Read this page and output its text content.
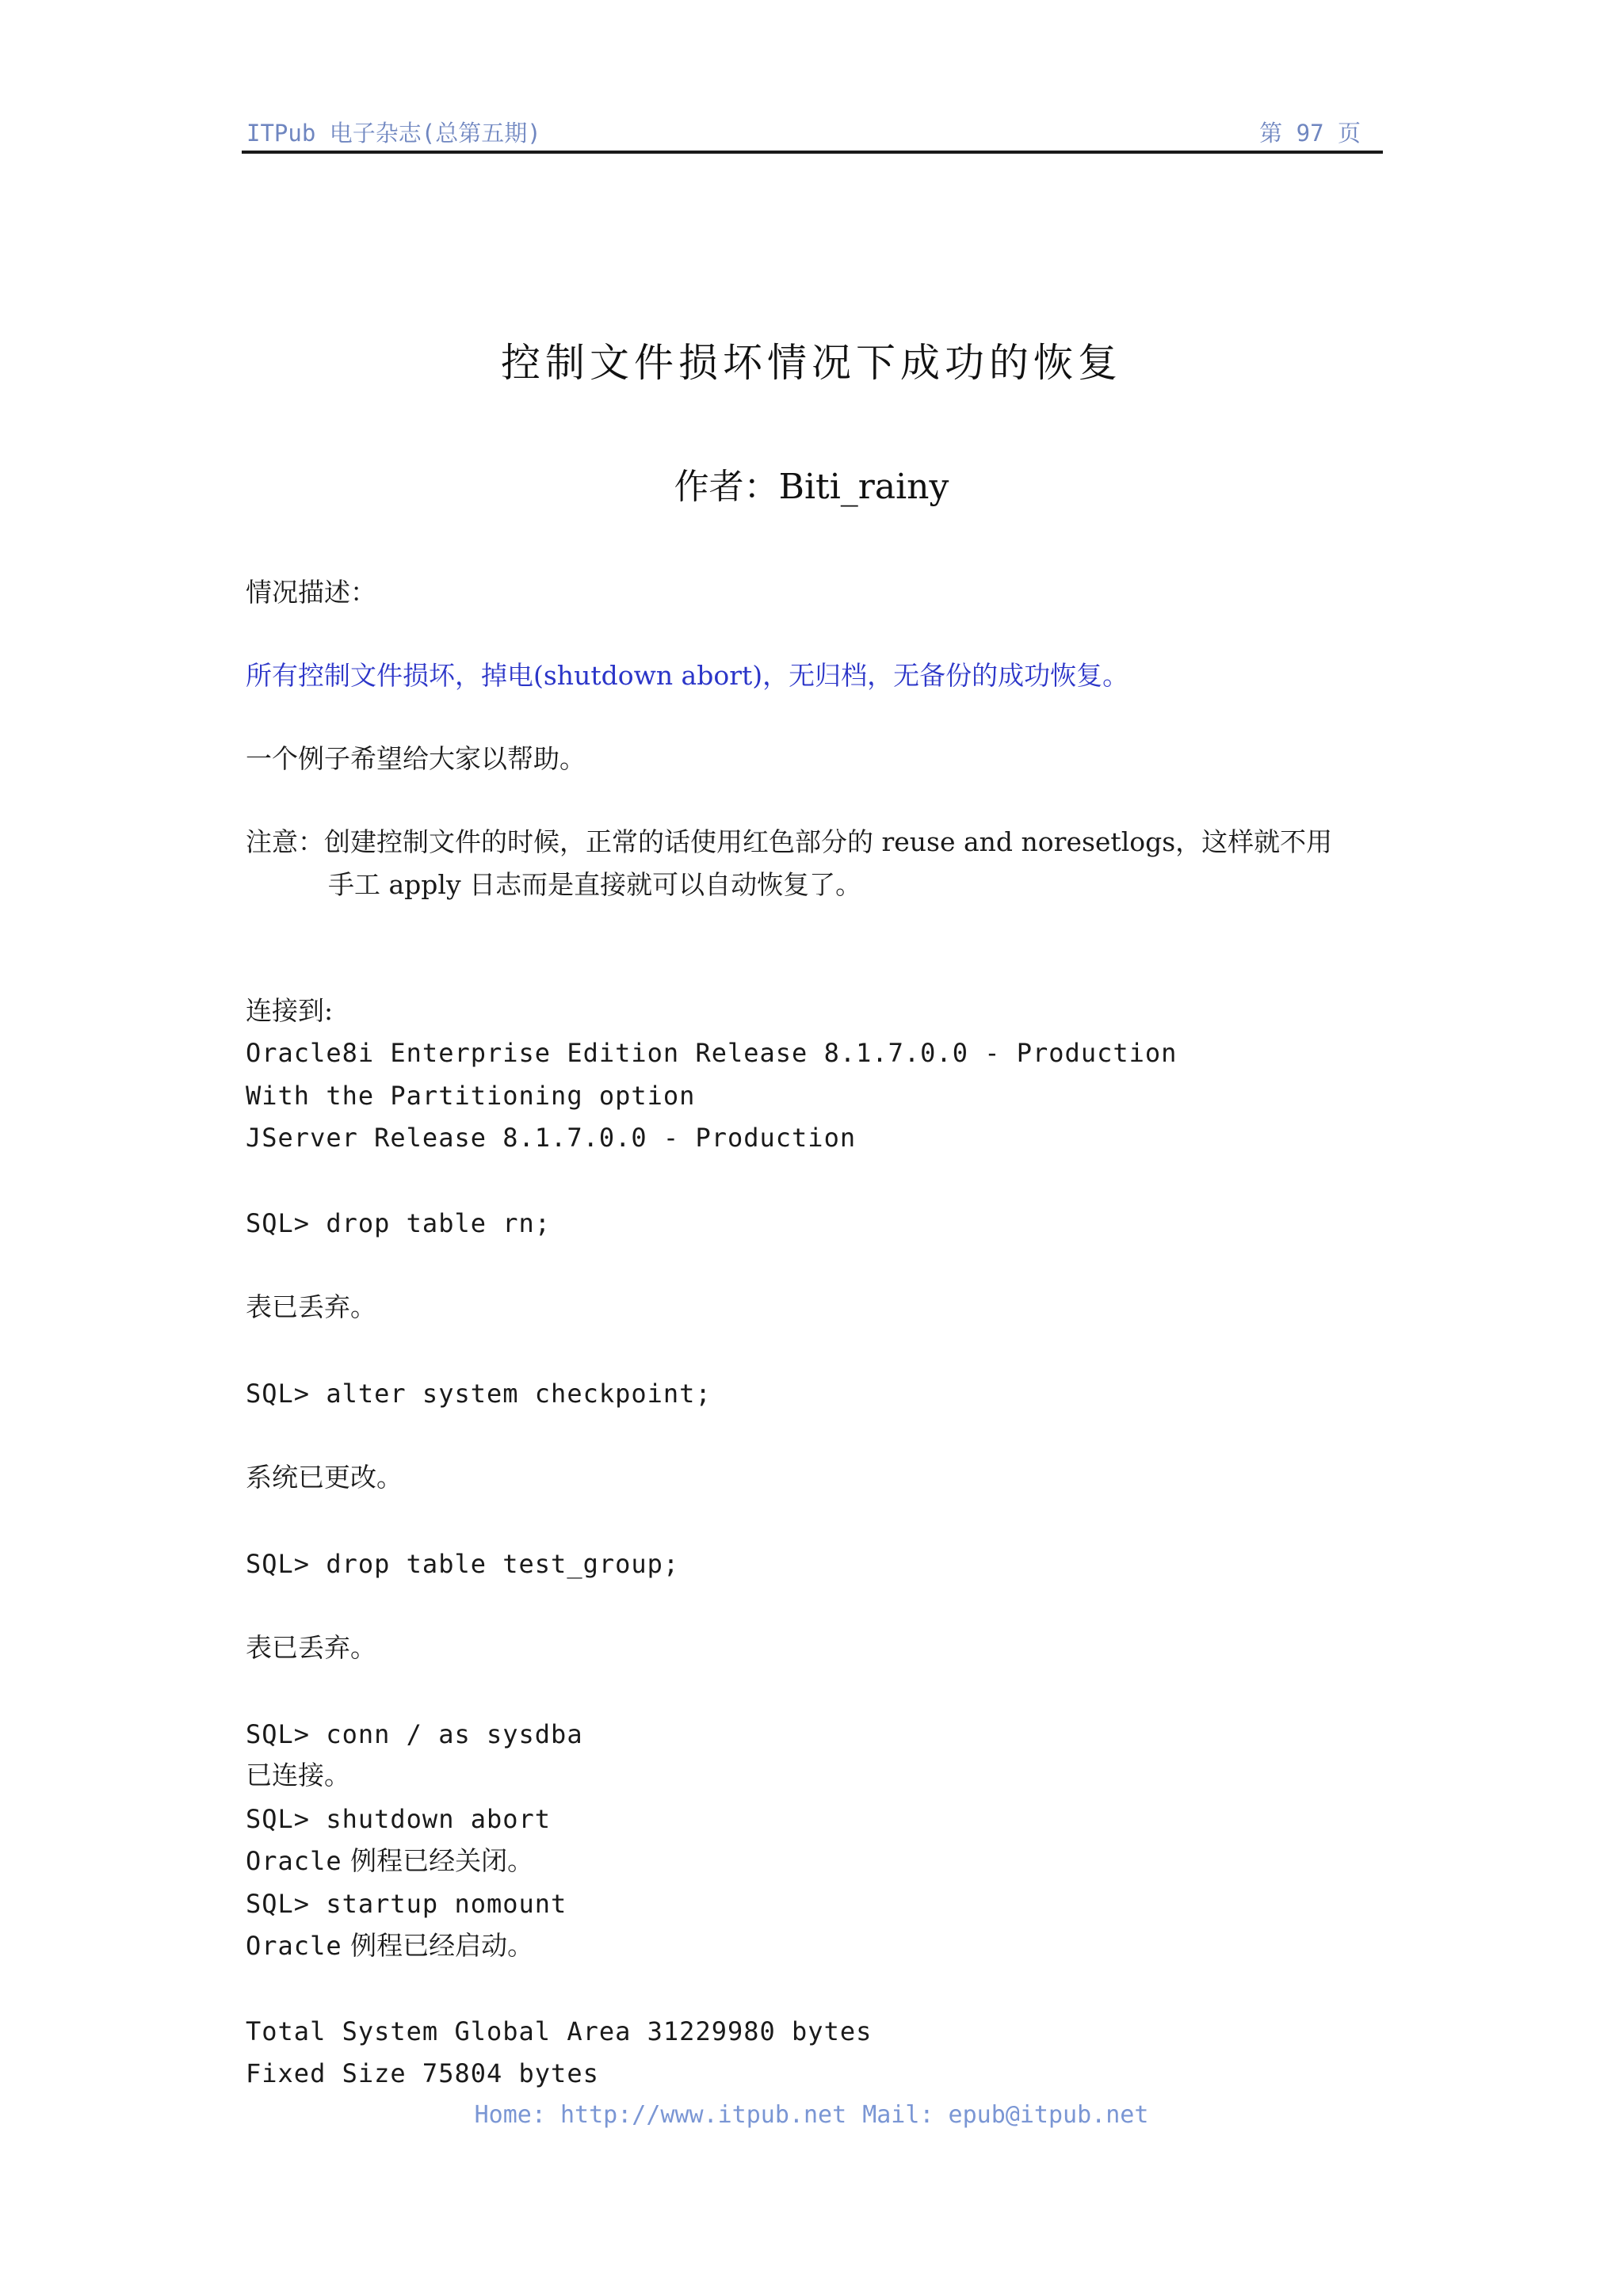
ITPub 电子杂志(总第五期)	第 97 页
控制文件损坏情况下成功的恢复
作者：Biti_rainy
情况描述：
所有控制文件损坏，掉电(shutdown abort)，无归档，无备份的成功恢复。
一个例子希望给大家以帮助。
注意：创建控制文件的时候，正常的话使用红色部分的 reuse and noresetlogs，这样就不用
手工 apply 日志而是直接就可以自动恢复了。
连接到:
Oracle8i Enterprise Edition Release 8.1.7.0.0 - Production
With the Partitioning option
JServer Release 8.1.7.0.0 - Production
SQL> drop table rn;
表已丢弃。
SQL> alter system checkpoint;
系统已更改。
SQL> drop table test_group;
表已丢弃。
SQL> conn / as sysdba
已连接。
SQL> shutdown abort
Oracle 例程已经关闭。
SQL> startup nomount
Oracle 例程已经启动。
Total System Global Area 31229980 bytes
Fixed Size 75804 bytes
Home: http://www.itpub.net Mail: epub@itpub.net
